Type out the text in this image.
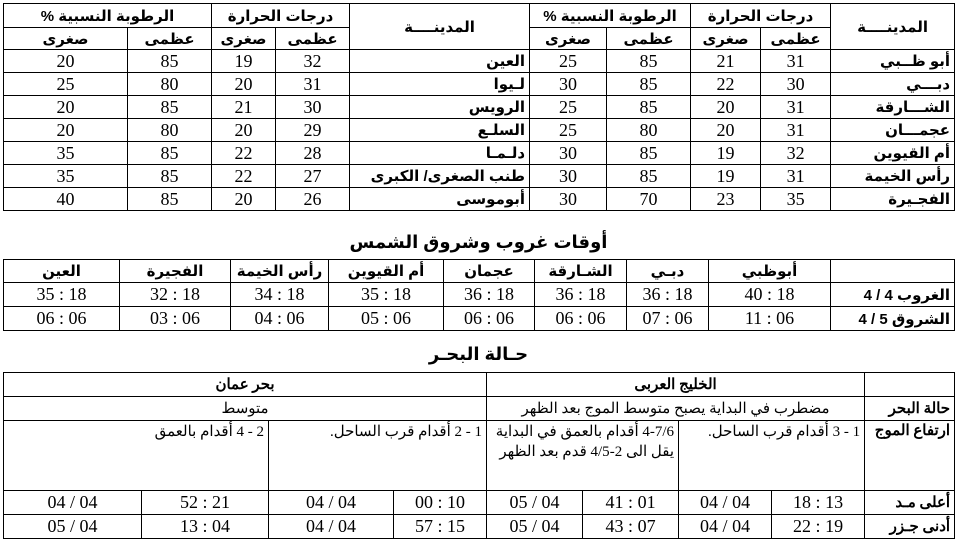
المدينــــة	درجات الحرارة		الرطوبة النسبية %		المدينــــة	درجات الحرارة		الرطوبة النسبية %	
	عظمى	صغرى	عظمى	صغرى		عظمى	صغرى	عظمى	صغرى
أبو ظــبي	31	21	85	25	العين	32	19	85	20
دبـــي	30	22	85	30	لـيوا	31	20	80	25
الشـــارقة	31	20	85	25	الرويس	30	21	85	20
عجمـــان	31	20	80	25	السلـع	29	20	80	20
أم القيوين	32	19	85	30	دلـمـا	28	22	85	35
رأس الخيمة	31	19	85	30	طنب الصغرى/ الكبرى	27	22	85	35
الفجـيرة	35	23	70	30	أبوموسى	26	20	85	40
أوقات غروب وشروق الشمس
	أبوظبي	دبـي	الشـارقة	عجمان	أم القيوين	رأس الخيمة	الفجيرة	العين
الغروب 4 / 4	18 : 40	18 : 36	18 : 36	18 : 36	18 : 35	18 : 34	18 : 32	18 : 35
الشروق 5 / 4	06 : 11	06 : 07	06 : 06	06 : 06	06 : 05	06 : 04	06 : 03	06 : 06
حـالة البحـر
	الخليج العربى				بحر عمان			
حالة البحر	مضطرب في البداية يصبح متوسط الموج بعد الظهر				متوسط			
ارتفاع الموج	1 - 3 أقدام قرب الساحل.		4-7/6 أقدام بالعمق في البداية يقل الى 2-4/5 قدم بعد الظهر		1 - 2 أقدام قرب الساحل.		2 - 4 أقدام بالعمق	
أعلى مـد	13 : 18	04 / 04	01 : 41	04 / 05	10 : 00	04 / 04	21 : 52	04 / 04
أدنى جـزر	19 : 22	04 / 04	07 : 43	04 / 05	15 : 57	04 / 04	04 : 13	04 / 05
